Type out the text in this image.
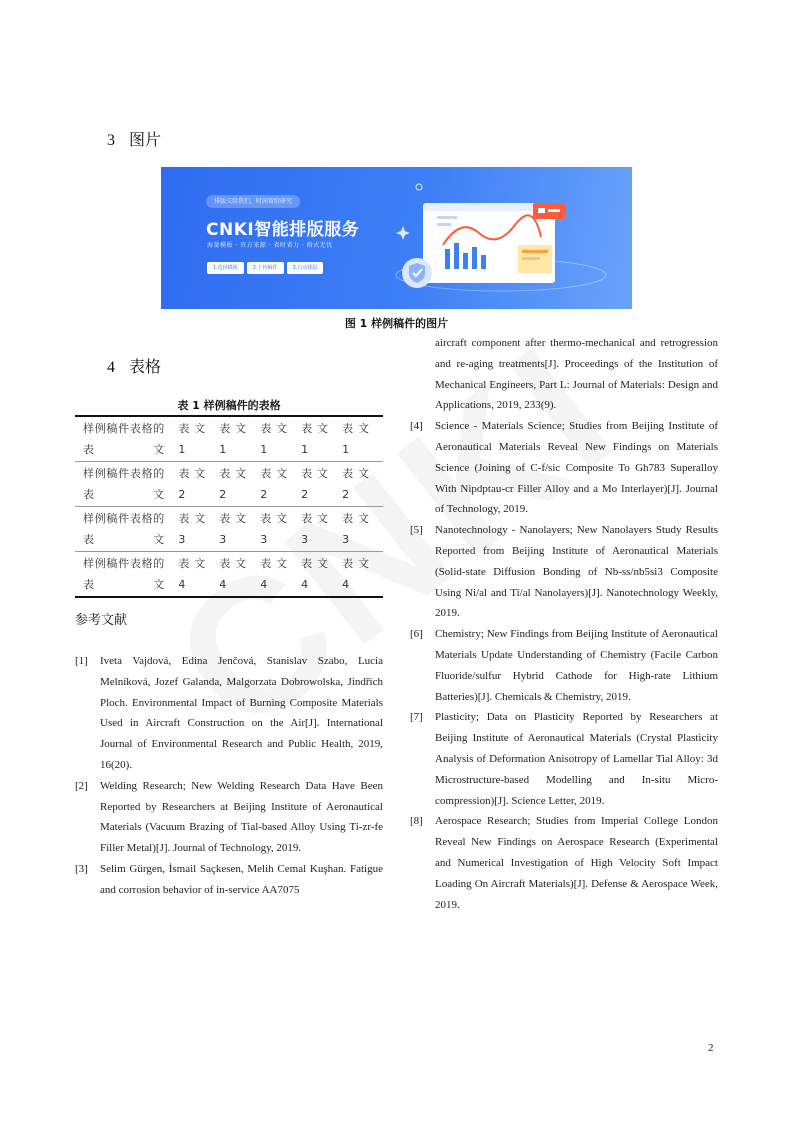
3 图片
排版交给我们，时间留给研究
CNKI智能排版服务
海量模板 · 官方来源 · 省时省力 · 格式无忧
1.选择模板	2.上传稿件	3.自动排版
图 1 样例稿件的图片
4 表格
表 1 样例稿件的表格
样例稿件表格的表文	表文1	表文1	表文1	表文1	表文1
样例稿件表格的表文	表文2	表文2	表文2	表文2	表文2
样例稿件表格的表文	表文3	表文3	表文3	表文3	表文3
样例稿件表格的表文	表文4	表文4	表文4	表文4	表文4
参考文献
[1] Iveta Vajdová, Edina Jenčová, Stanislav Szabo, Lucia Melníková, Jozef Galanda, Malgorzata Dobrowolska, Jindřich Ploch. Environmental Impact of Burning Composite Materials Used in Aircraft Construction on the Air[J]. International Journal of Environmental Research and Public Health, 2019, 16(20).
[2] Welding Research; New Welding Research Data Have Been Reported by Researchers at Beijing Institute of Aeronautical Materials (Vacuum Brazing of Tial-based Alloy Using Ti-zr-fe Filler Metal)[J]. Journal of Technology, 2019.
[3] Selim Gürgen, İsmail Saçkesen, Melih Cemal Kuşhan. Fatigue and corrosion behavior of in-service AA7075
aircraft component after thermo-mechanical and retrogression and re-aging treatments[J]. Proceedings of the Institution of Mechanical Engineers, Part L: Journal of Materials: Design and Applications, 2019, 233(9).
[4] Science - Materials Science; Studies from Beijing Institute of Aeronautical Materials Reveal New Findings on Materials Science (Joining of C-f/sic Composite To Gh783 Superalloy With Nipdptau-cr Filler Alloy and a Mo Interlayer)[J]. Journal of Technology, 2019.
[5] Nanotechnology - Nanolayers; New Nanolayers Study Results Reported from Beijing Institute of Aeronautical Materials (Solid-state Diffusion Bonding of Nb-ss/nb5si3 Composite Using Ni/al and Ti/al Nanolayers)[J]. Nanotechnology Weekly, 2019.
[6] Chemistry; New Findings from Beijing Institute of Aeronautical Materials Update Understanding of Chemistry (Facile Carbon Fluoride/sulfur Hybrid Cathode for High-rate Lithium Batteries)[J]. Chemicals & Chemistry, 2019.
[7] Plasticity; Data on Plasticity Reported by Researchers at Beijing Institute of Aeronautical Materials (Crystal Plasticity Analysis of Deformation Anisotropy of Lamellar Tial Alloy: 3d Microstructure-based Modelling and In-situ Micro-compression)[J]. Science Letter, 2019.
[8] Aerospace Research; Studies from Imperial College London Reveal New Findings on Aerospace Research (Experimental and Numerical Investigation of High Velocity Soft Impact Loading On Aircraft Materials)[J]. Defense & Aerospace Week, 2019.
2
